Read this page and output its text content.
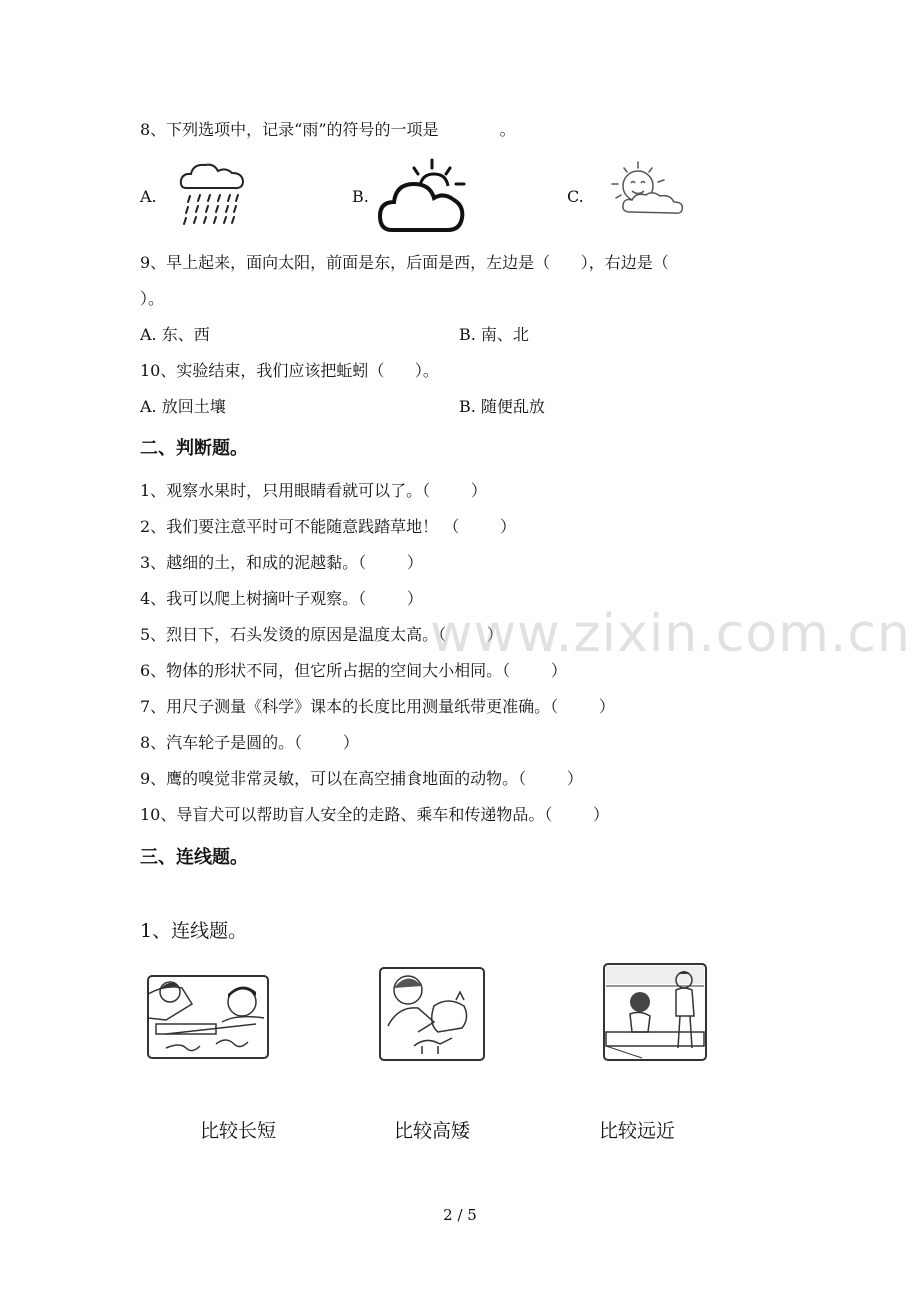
8、下列选项中，记录“雨”的符号的一项是            。
A.	B.	C.
9、早上起来，面向太阳，前面是东，后面是西，左边是（      ），右边是（
）。
A. 东、西	B. 南、北
10、实验结束，我们应该把蚯蚓（      ）。
A. 放回土壤	B. 随便乱放
二、判断题。
1、观察水果时，只用眼睛看就可以了。（        ）
2、我们要注意平时可不能随意践踏草地！ （        ）
3、越细的土，和成的泥越黏。（        ）
4、我可以爬上树摘叶子观察。（        ）
5、烈日下，石头发烫的原因是温度太高。（        ）
6、物体的形状不同，但它所占据的空间大小相同。（        ）
7、用尺子测量《科学》课本的长度比用测量纸带更准确。（        ）
8、汽车轮子是圆的。（        ）
9、鹰的嗅觉非常灵敏，可以在高空捕食地面的动物。（        ）
10、导盲犬可以帮助盲人安全的走路、乘车和传递物品。（        ）
www.zixin.com.cn
三、连线题。
1、连线题。
比较长短	比较高矮	比较远近
2 / 5
